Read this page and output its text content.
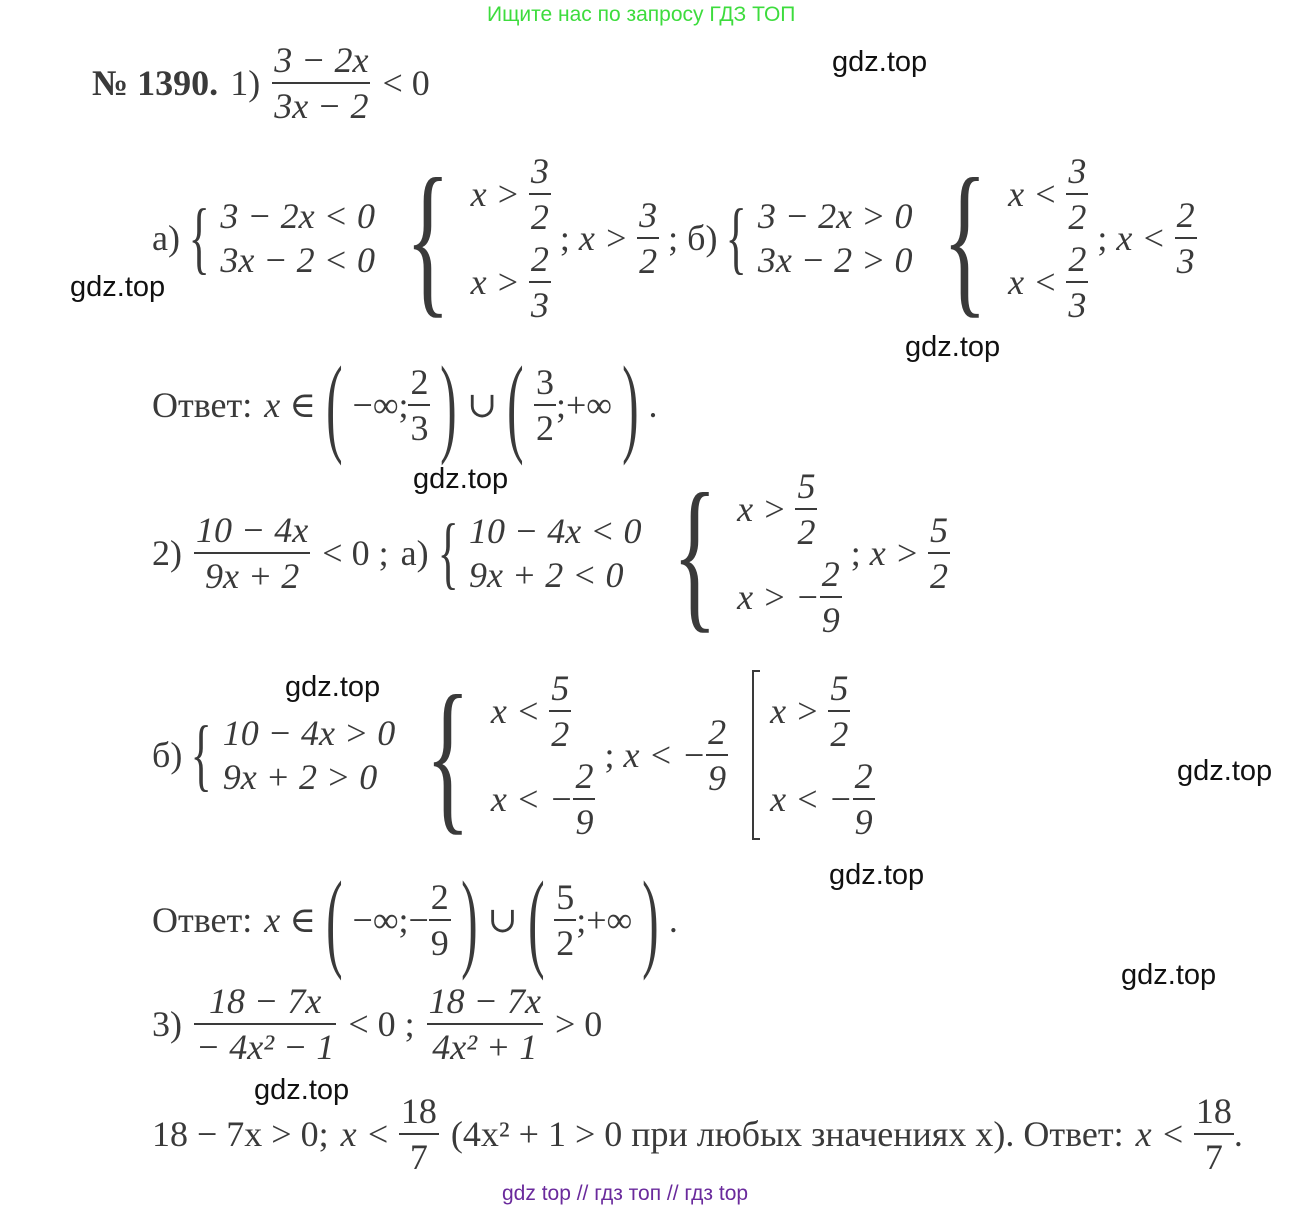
Ищите нас по запросу ГДЗ ТОП
gdz top // гдз топ // гдз top
gdz.top
gdz.top
gdz.top
gdz.top
gdz.top
gdz.top
gdz.top
gdz.top
gdz.top
№ 1390. $1) \frac{3 - 2x}{3x - 2} < 0$
а) { 3 − 2x < 0
3x − 2 < 0 { x >
$\frac{3}{2}$
x >
$\frac{2}{3}$
; x >
$\frac{3}{2}$ ; б) { 3 − 2x > 0
3x − 2 > 0 { x <
$\frac{3}{2}$
x <
$\frac{2}{3}$
; x <
$\frac{2}{3}$
Ответ: x ∈ ( −∞; $\frac{2}{3}$ ) ∪ ( $\frac{3}{2}$ ;+∞ ) .
$2) \frac{10 - 4x}{9x + 2} < 0$ ; а) { 10 − 4x < 0
9x + 2 < 0 { x >
$\frac{5}{2}$
x > − $\frac{2}{9}$
; x >
$\frac{5}{2}$
б) { 10 − 4x > 0
9x + 2 > 0 { x <
$\frac{5}{2}$
x < − $\frac{2}{9}$
; x < − $\frac{2}{9}$
x >
$\frac{5}{2}$
x < − $\frac{2}{9}$
Ответ: x ∈ ( −∞;− $\frac{2}{9}$ ) ∪ ( $\frac{5}{2}$ ;+∞ ) .
$3) \frac{18 - 7x}{\text{− 4x² − 1}} < 0$ ; $\frac{18 - 7x}{\text{4x² + 1}} > 0$
18 − 7x > 0; x <
$\frac{18}{7} (4x^2 + 1 > 0$ при любых значениях x). Ответ: x <
$\frac{18}{7}$ .
